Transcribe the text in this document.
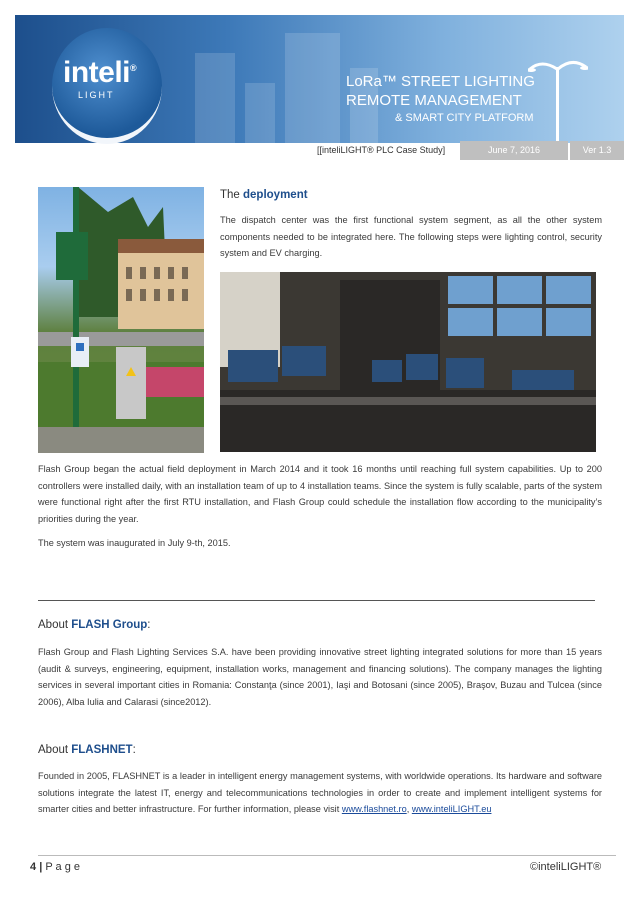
inteli®
LIGHT
LoRa™ STREET LIGHTING
REMOTE MANAGEMENT
& SMART CITY PLATFORM
[[inteliLIGHT® PLC Case Study]	June 7, 2016	Ver 1.3
The deployment
The dispatch center was the first functional system segment, as all the other system components needed to be integrated here. The following steps were lighting control, security system and EV charging.
Flash Group began the actual field deployment in March 2014 and it took 16 months until reaching full system capabilities. Up to 200 controllers were installed daily, with an installation team of up to 4 installation teams. Since the system is fully scalable, parts of the system were functional right after the first RTU installation, and Flash Group could schedule the installation flow according to the municipality’s priorities during the year.
The system was inaugurated in July 9-th, 2015.
About FLASH Group:
Flash Group and Flash Lighting Services S.A. have been providing innovative street lighting integrated solutions for more than 15 years (audit & surveys, engineering, equipment, installation works, management and financing solutions). The company manages the lighting services in several important cities in Romania: Constanţa (since 2001), Iaşi and Botosani (since 2005), Braşov, Buzau and Tulcea (since 2006), Alba Iulia and Calarasi (since2012).
About FLASHNET:
Founded in 2005, FLASHNET is a leader in intelligent energy management systems, with worldwide operations. Its hardware and software solutions integrate the latest IT, energy and telecommunications technologies in order to create and implement intelligent systems for smarter cities and better infrastructure. For further information, please visit www.flashnet.ro, www.inteliLIGHT.eu
4 | P a g e	©inteliLIGHT®
